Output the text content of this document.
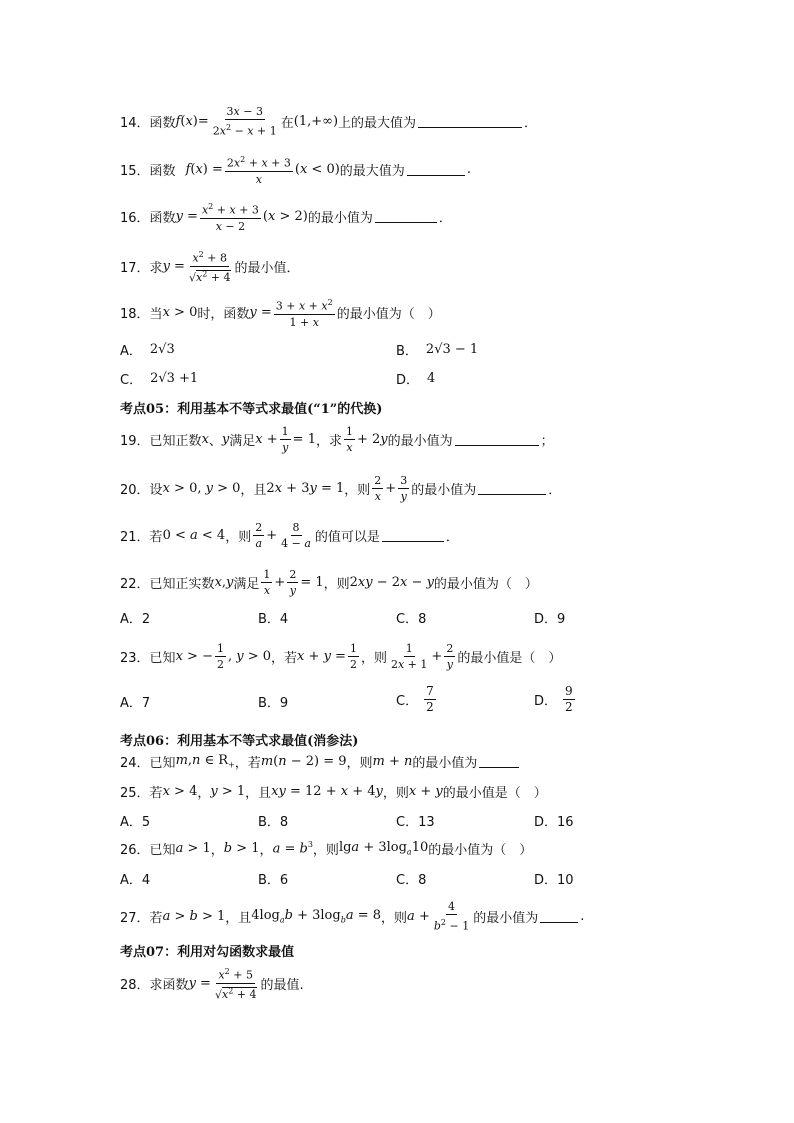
14． 函数 f ( x )= $\frac{3x - 3}{2x^2 - x + 1}$ 在 (1,+∞) 上的最大值为	．
15． 函数 f ( x ) = $\frac{2x^2 + x + 3}{x} (x < 0)$ 的最大值为	.
16． 函数 $y = \frac{x^2 + x + 3}{x - 2} (x > 2)$ 的最小值为	．
17． 求 $y = \frac{x^2 + 8}{√x^2 + 4}$ 的最小值．
18． 当 x > 0 时，函数 $y = \frac{3 + x + x^2}{1 + x}$ 的最小值为（　）
A． 2√3	B． 2√3 − 1
C． 2√3 +1	D． 4
考点05：利用基本不等式求最值(“1”的代换)
19． 已知正数 x 、 y 满足 $x + \frac{1}{y} = 1$ ，求 $\frac{1}{x} + 2y$ 的最小值为	；
20． 设 x > 0, y > 0 ，且 2x + 3y = 1 ，则 $\frac{2}{x} + \frac{3}{y}$ 的最小值为	．
21． 若 0 < a < 4 ，则 $\frac{2}{a} + \frac{8}{4 - a}$ 的值可以是	．
22． 已知正实数 x,y 满足 $\frac{1}{x} + \frac{2}{y} = 1$ ，则 2xy − 2x − y 的最小值为（　）
A．2	B．4	C．8	D．9
23． 已知 x > − $\frac{1}{2}$ , y > 0 ，若 $x + y = \frac{1}{2}$ ，则 $\frac{1}{2x + 1} + \frac{2}{y}$ 的最小值是（　）
A．7	B．9	C． $\frac{7}{2}$	D． $\frac{9}{2}$
考点06：利用基本不等式求最值(消参法)
24． 已知 m,n ∈ $R_+$ ，若 m(n − 2) = 9 ，则 m + n 的最小值为
25． 若 x > 4 ， y > 1 ，且 xy = 12 + x + 4y ，则 x + y 的最小值是（　）
A．5	B．8	C．13	D．16
26． 已知 a > 1 ， b > 1 ， $a = b^3$ ，则 $\lg a + 3\log_a10$ 的最小值为（　）
A．4	B．6	C．8	D．10
27． 若 a > b > 1 ，且 $4\log_ab + 3\log_ba = 8$ ，则 $a + \frac{4}{b^2 - 1}$ 的最小值为	.
考点07：利用对勾函数求最值
28． 求函数 $y = \frac{x^2 + 5}{√x^2 + 4}$ 的最值.
